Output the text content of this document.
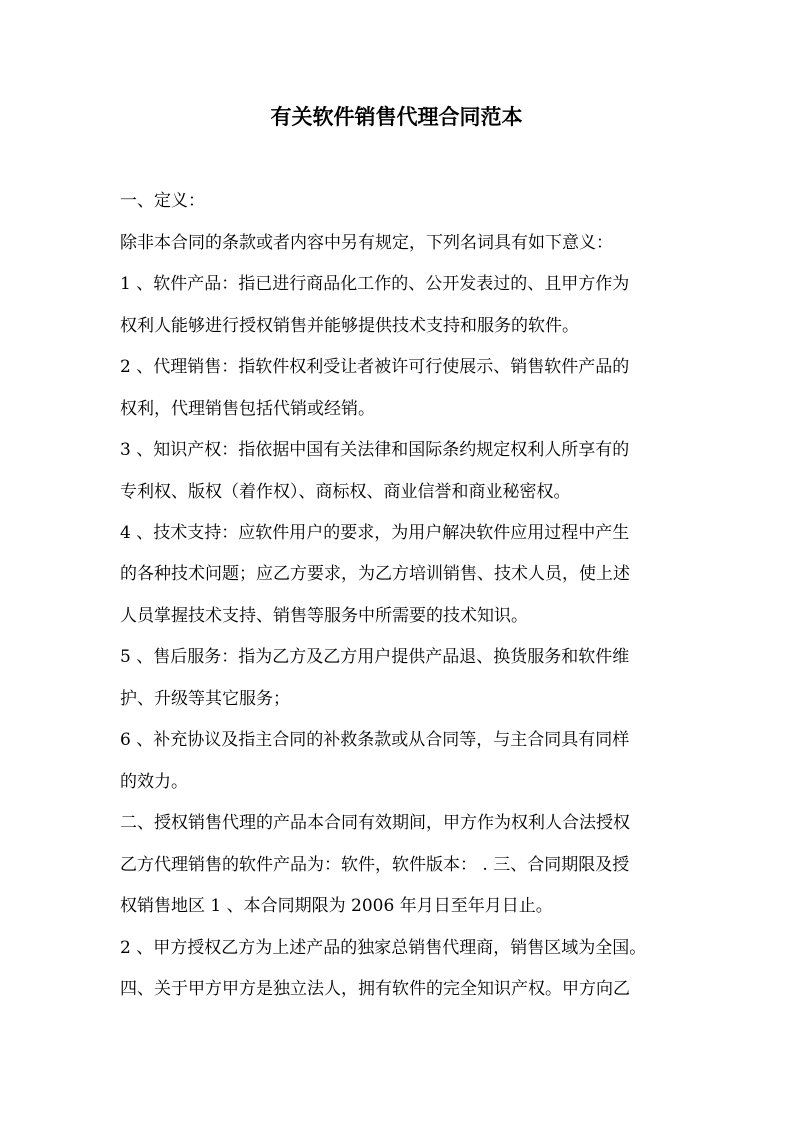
有关软件销售代理合同范本
一、定义：
除非本合同的条款或者内容中另有规定，下列名词具有如下意义：
1 、软件产品：指已进行商品化工作的、公开发表过的、且甲方作为
权利人能够进行授权销售并能够提供技术支持和服务的软件。
2 、代理销售：指软件权利受让者被许可行使展示、销售软件产品的
权利，代理销售包括代销或经销。
3 、知识产权：指依据中国有关法律和国际条约规定权利人所享有的
专利权、版权（着作权）、商标权、商业信誉和商业秘密权。
4 、技术支持：应软件用户的要求，为用户解决软件应用过程中产生
的各种技术问题；应乙方要求，为乙方培训销售、技术人员，使上述
人员掌握技术支持、销售等服务中所需要的技术知识。
5 、售后服务：指为乙方及乙方用户提供产品退、换货服务和软件维
护、升级等其它服务；
6 、补充协议及指主合同的补救条款或从合同等，与主合同具有同样
的效力。
二、授权销售代理的产品本合同有效期间，甲方作为权利人合法授权
乙方代理销售的软件产品为：软件，软件版本： . 三、合同期限及授
权销售地区 1 、本合同期限为 2006 年月日至年月日止。
2 、甲方授权乙方为上述产品的独家总销售代理商，销售区域为全国。
四、关于甲方甲方是独立法人，拥有软件的完全知识产权。甲方向乙
